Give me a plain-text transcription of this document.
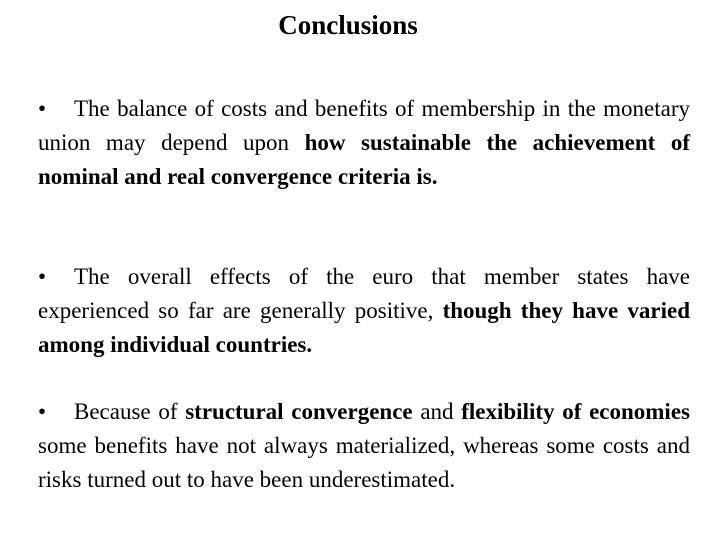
Conclusions
• The balance of costs and benefits of membership in the monetary union may depend upon how sustainable the achievement of nominal and real convergence criteria is.
• The overall effects of the euro that member states have experienced so far are generally positive, though they have varied among individual countries.
• Because of structural convergence and flexibility of economies some benefits have not always materialized, whereas some costs and risks turned out to have been underestimated.
